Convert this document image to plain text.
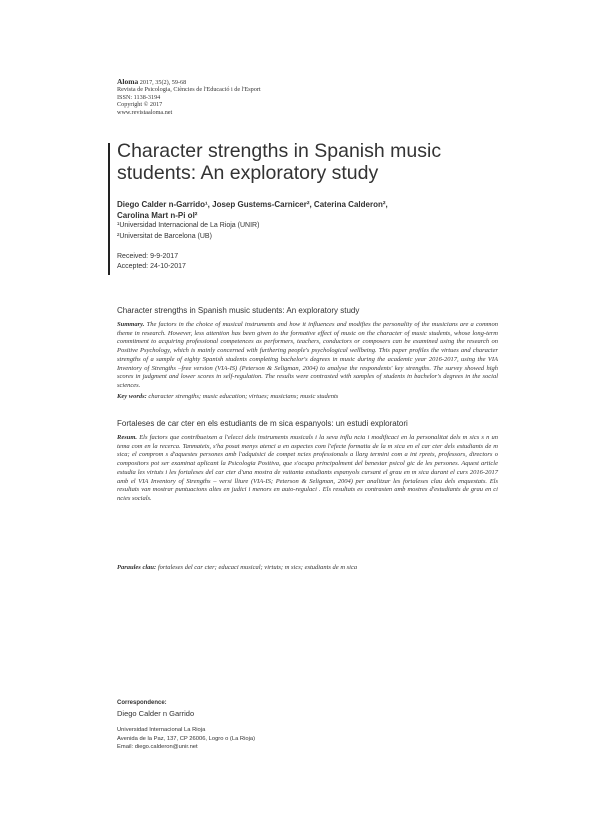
Aloma 2017, 35(2), 59-68
Revista de Psicologia, Ciències de l'Educació i de l'Esport
ISSN: 1138-3194
Copyright © 2017
www.revistaaloma.net
Character strengths in Spanish music students: An exploratory study
Diego Calder n-Garrido¹, Josep Gustems-Carnicer², Caterina Calderon²,
Carolina Mart n-Pi ol²
¹Universidad Internacional de La Rioja (UNIR)
²Universitat de Barcelona (UB)
Received: 9-9-2017
Accepted: 24-10-2017
Character strengths in Spanish music students: An exploratory study
Summary. The factors in the choice of musical instruments and how it influences and modifies the personality of the musicians are a common theme in research. However, less attention has been given to the formative effect of music on the character of music students, whose long-term commitment to acquiring professional competences as performers, teachers, conductors or composers can be examined using the research on Positive Psychology, which is mainly concerned with furthering people's psychological wellbeing. This paper profiles the virtues and character strengths of a sample of eighty Spanish students completing bachelor's degrees in music during the academic year 2016-2017, using the VIA Inventory of Strengths –free version (VIA-IS) (Peterson & Seligman, 2004) to analyse the respondents' key strengths. The survey showed high scores in judgment and lower scores in self-regulation. The results were contrasted with samples of students in bachelor's degrees in the social sciences.
Key words: character strengths; music education; virtues; musicians; music students
Fortaleses de car cter en els estudiants de m sica espanyols: un estudi exploratori
Resum. Els factors que contribueixen a l'elecci dels instruments musicals i la seva influ ncia i modificaci en la personalitat dels m sics s n un tema com en la recerca. Tanmateix, s'ha posat menys atenci a en aspectes com l'efecte formatiu de la m sica en el car cter dels estudiants de m sica; el comprom s d'aquestes persones amb l'adquisici de compet ncies professionals a llarg termini com a int rprets, professors, directors o compositors pot ser examinat aplicant la Psicologia Positiva, que s'ocupa principalment del benestar psicol gic de les persones. Aquest article estudia les virtuts i les fortaleses del car cter d'una mostra de vuitanta estudiants espanyols cursant el grau en m sica durant el curs 2016-2017 amb el VIA Inventory of Strengths – versi lliure (VIA-IS; Peterson & Seligman, 2004) per analitzar les fortaleses clau dels enquestats. Els resultats van mostrar puntuacions altes en judici i menors en auto-regulaci . Els resultats es contrasten amb mostres d'estudiants de grau en ci ncies socials.
Paraules clau: fortaleses del car cter; educaci musical; virtuts; m sics; estudiants de m sica
Correspondence:
Diego Calder n Garrido
Universidad Internacional La Rioja
Avenida de la Paz, 137, CP 26006, Logro o (La Rioja)
Email: diego.calderon@unir.net
